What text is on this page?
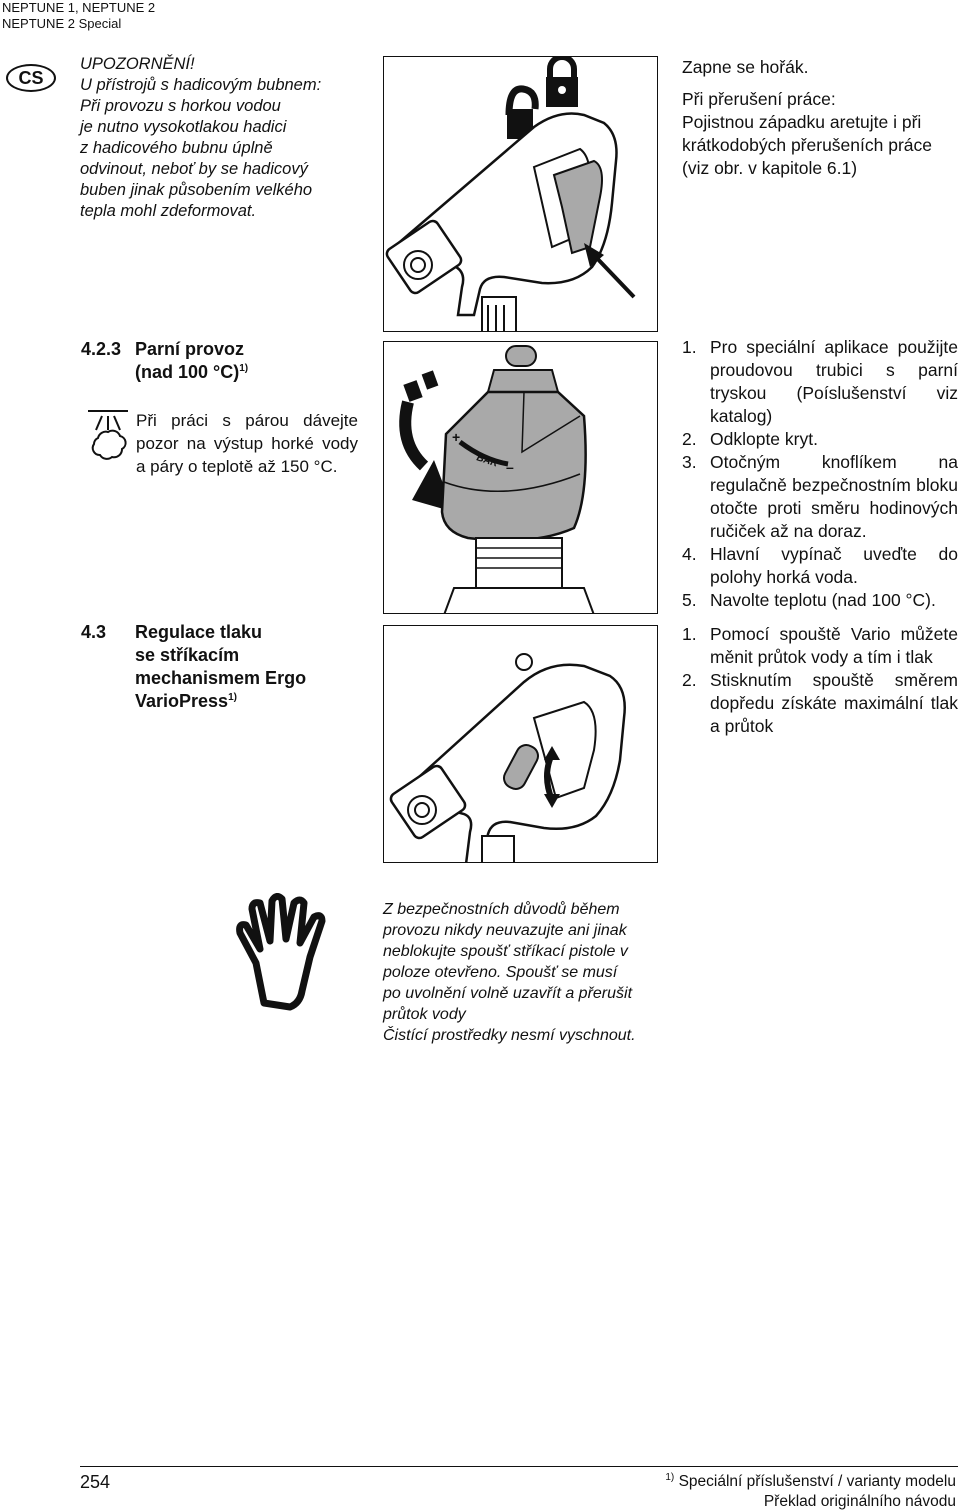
NEPTUNE 1, NEPTUNE 2
NEPTUNE 2 Special
CS
UPOZORNĚNÍ!
U přístrojů s hadicovým bubnem:
Při provozu s horkou vodou
je nutno vysokotlakou hadici
z hadicového bubnu úplně
odvinout, neboť by se hadicový
buben jinak působením velkého
tepla mohl zdeformovat.
Zapne se hořák.
Při přerušení práce:
Pojistnou západku aretujte i při
krátkodobých přerušeních práce
(viz obr. v kapitole 6.1)
4.2.3 Parní provoz
(nad 100 °C)$^{1)}$
Při práci s párou dávejte pozor na výstup horké vody a páry o teplotě až 150 °C.
+
BAR –
1. Pro speciální aplikace použijte proudovou trubici s parní tryskou (Poíslušenství viz katalog)
2. Odklopte kryt.
3. Otočným knoflíkem na regulačně bezpečnostním bloku otočte proti směru hodinových ručiček až na doraz.
4. Hlavní vypínač uveďte do polohy horká voda.
5. Navolte teplotu (nad 100 °C).
4.3 Regulace tlaku
se stříkacím
mechanismem Ergo
VarioPress$^{1)}$
1. Pomocí spouště Vario můžete měnit průtok vody a tím i tlak
2. Stisknutím spouště směrem dopředu získáte maximální tlak a průtok
Z bezpečnostních důvodů během
provozu nikdy neuvazujte ani jinak
neblokujte spoušť stříkací pistole v
poloze otevřeno. Spoušť se musí
po uvolnění volně uzavřít a přerušit
průtok vody
Čistící prostředky nesmí vyschnout.
254	$^{1)}$ Speciální příslušenství / varianty modelu
Překlad originálního návodu
